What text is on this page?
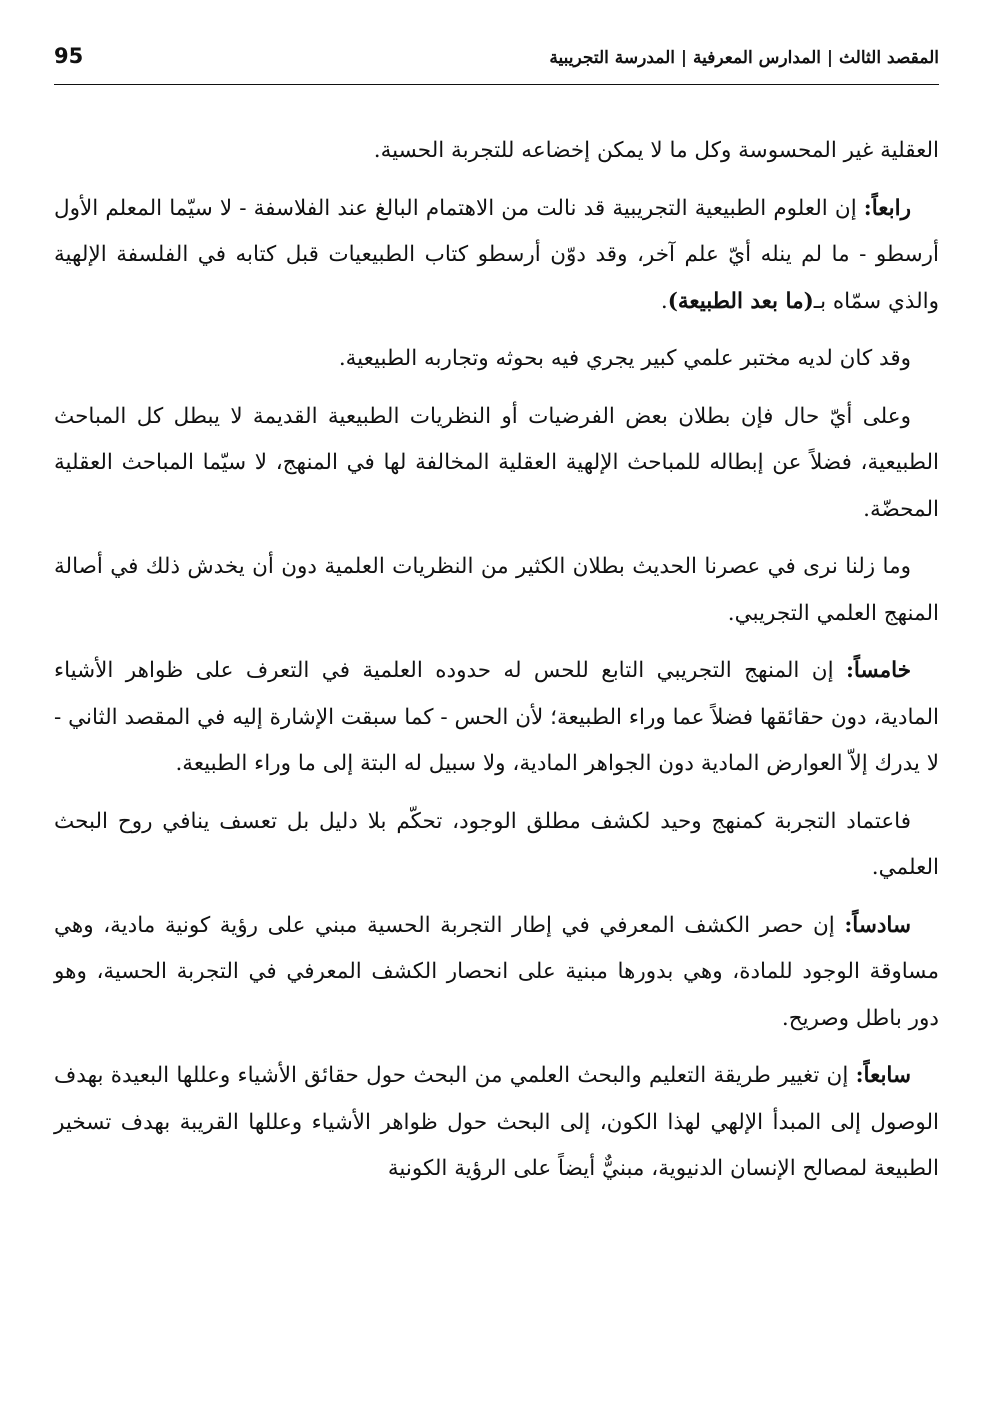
95	المقصد الثالث | المدارس المعرفية | المدرسة التجريبية

العقلية غير المحسوسة وكل ما لا يمكن إخضاعه للتجربة الحسية.

رابعاً: إن العلوم الطبيعية التجريبية قد نالت من الاهتمام البالغ عند الفلاسفة - لا سيّما المعلم الأول أرسطو - ما لم ينله أيّ علم آخر، وقد دوّن أرسطو كتاب الطبيعيات قبل كتابه في الفلسفة الإلهية والذي سمّاه بـ(ما بعد الطبيعة).

وقد كان لديه مختبر علمي كبير يجري فيه بحوثه وتجاربه الطبيعية.

وعلى أيّ حال فإن بطلان بعض الفرضيات أو النظريات الطبيعية القديمة لا يبطل كل المباحث الطبيعية، فضلاً عن إبطاله للمباحث الإلهية العقلية المخالفة لها في المنهج، لا سيّما المباحث العقلية المحضّة.

وما زلنا نرى في عصرنا الحديث بطلان الكثير من النظريات العلمية دون أن يخدش ذلك في أصالة المنهج العلمي التجريبي.

خامساً: إن المنهج التجريبي التابع للحس له حدوده العلمية في التعرف على ظواهر الأشياء المادية، دون حقائقها فضلاً عما وراء الطبيعة؛ لأن الحس - كما سبقت الإشارة إليه في المقصد الثاني - لا يدرك إلاّ العوارض المادية دون الجواهر المادية، ولا سبيل له البتة إلى ما وراء الطبيعة.

فاعتماد التجربة كمنهج وحيد لكشف مطلق الوجود، تحكّم بلا دليل بل تعسف ينافي روح البحث العلمي.

سادساً: إن حصر الكشف المعرفي في إطار التجربة الحسية مبني على رؤية كونية مادية، وهي مساوقة الوجود للمادة، وهي بدورها مبنية على انحصار الكشف المعرفي في التجربة الحسية، وهو دور باطل وصريح.

سابعاً: إن تغيير طريقة التعليم والبحث العلمي من البحث حول حقائق الأشياء وعللها البعيدة بهدف الوصول إلى المبدأ الإلهي لهذا الكون، إلى البحث حول ظواهر الأشياء وعللها القريبة بهدف تسخير الطبيعة لمصالح الإنسان الدنيوية، مبنيٌّ أيضاً على الرؤية الكونية
